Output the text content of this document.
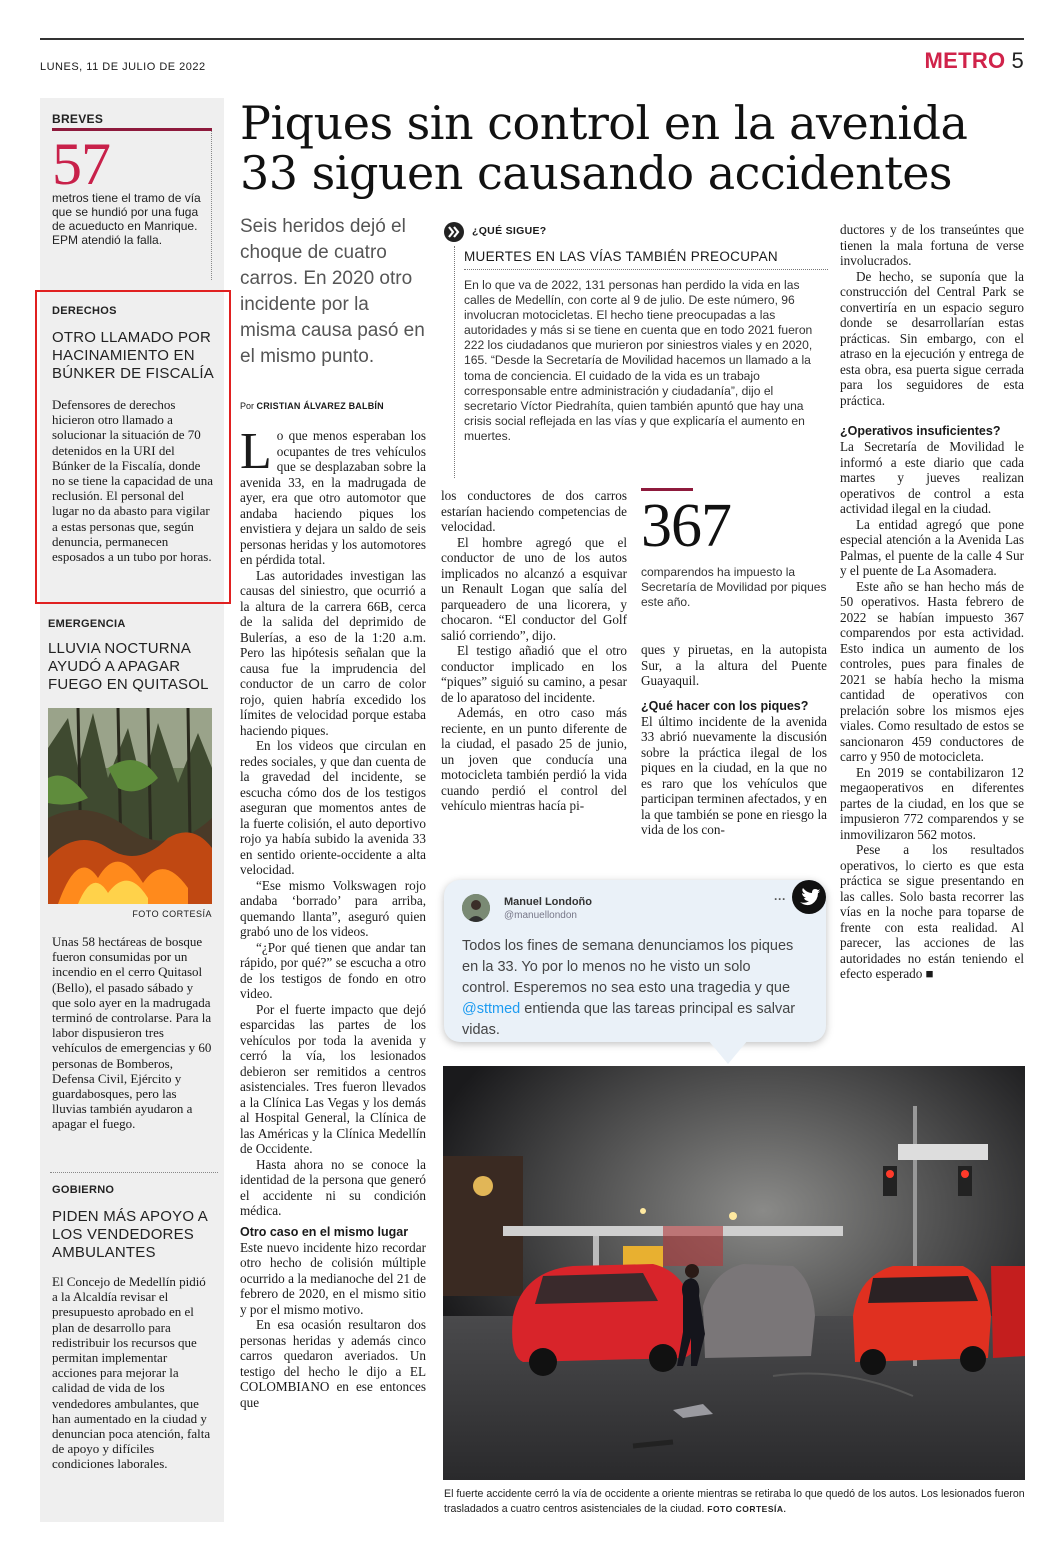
LUNES, 11 DE JULIO DE 2022	METRO 5
BREVES
57
metros tiene el tramo de vía que se hundió por una fuga de acueducto en Manrique. EPM atendió la falla.
DERECHOS
OTRO LLAMADO POR HACINAMIENTO EN BÚNKER DE FISCALÍA
Defensores de derechos hicieron otro llamado a solucionar la situación de 70 detenidos en la URI del Búnker de la Fiscalía, donde no se tiene la capacidad de una reclusión. El personal del lugar no da abasto para vigilar a estas personas que, según denuncia, permanecen esposados a un tubo por horas.
EMERGENCIA
LLUVIA NOCTURNA AYUDÓ A APAGAR FUEGO EN QUITASOL
FOTO CORTESÍA
Unas 58 hectáreas de bosque fueron consumidas por un incendio en el cerro Quitasol (Bello), el pasado sábado y que solo ayer en la madrugada terminó de controlarse. Para la labor dispusieron tres vehículos de emergencias y 60 personas de Bomberos, Defensa Civil, Ejército y guardabosques, pero las lluvias también ayudaron a apagar el fuego.
GOBIERNO
PIDEN MÁS APOYO A LOS VENDEDORES AMBULANTES
El Concejo de Medellín pidió a la Alcaldía revisar el presupuesto aprobado en el plan de desarrollo para redistribuir los recursos que permitan implementar acciones para mejorar la calidad de vida de los vendedores ambulantes, que han aumentado en la ciudad y denuncian poca atención, falta de apoyo y difíciles condiciones laborales.
Piques sin control en la avenida 33 siguen causando accidentes
Seis heridos dejó el choque de cuatro carros. En 2020 otro incidente por la misma causa pasó en el mismo punto.
Por CRISTIAN ÁLVAREZ BALBÍN

Lo que menos esperaban los ocupantes de tres vehículos que se desplazaban sobre la avenida 33, en la madrugada de ayer, era que otro automotor que andaba haciendo piques los envistiera y dejara un saldo de seis personas heridas y los automotores en pérdida total.

Las autoridades investigan las causas del siniestro, que ocurrió a la altura de la carrera 66B, cerca de la salida del deprimido de Bulerías, a eso de la 1:20 a.m. Pero las hipótesis señalan que la causa fue la imprudencia del conductor de un carro de color rojo, quien habría excedido los límites de velocidad porque estaba haciendo piques.

En los videos que circulan en redes sociales, y que dan cuenta de la gravedad del incidente, se escucha cómo dos de los testigos aseguran que momentos antes de la fuerte colisión, el auto deportivo rojo ya había subido la avenida 33 en sentido oriente-occidente a alta velocidad.

“Ese mismo Volkswagen rojo andaba ‘borrado’ para arriba, quemando llanta”, aseguró quien grabó uno de los videos.

“¿Por qué tienen que andar tan rápido, por qué?” se escucha a otro de los testigos de fondo en otro video.

Por el fuerte impacto que dejó esparcidas las partes de los vehículos por toda la avenida y cerró la vía, los lesionados debieron ser remitidos a centros asistenciales. Tres fueron llevados a la Clínica Las Vegas y los demás al Hospital General, la Clínica de las Américas y la Clínica Medellín de Occidente.

Hasta ahora no se conoce la identidad de la persona que generó el accidente ni su condición médica.

Otro caso en el mismo lugar

Este nuevo incidente hizo recordar otro hecho de colisión múltiple ocurrido a la medianoche del 21 de febrero de 2020, en el mismo sitio y por el mismo motivo.

En esa ocasión resultaron dos personas heridas y además cinco carros quedaron averiados. Un testigo del hecho le dijo a EL COLOMBIANO en ese entonces que

¿QUÉ SIGUE?
MUERTES EN LAS VÍAS TAMBIÉN PREOCUPAN
En lo que va de 2022, 131 personas han perdido la vida en las calles de Medellín, con corte al 9 de julio. De este número, 96 involucran motocicletas. El hecho tiene preocupadas a las autoridades y más si se tiene en cuenta que en todo 2021 fueron 222 los ciudadanos que murieron por siniestros viales y en 2020, 165. “Desde la Secretaría de Movilidad hacemos un llamado a la toma de conciencia. El cuidado de la vida es un trabajo corresponsable entre administración y ciudadanía”, dijo el secretario Víctor Piedrahíta, quien también apuntó que hay una crisis social reflejada en las vías y que explicaría el aumento en muertes.

los conductores de dos carros estarían haciendo competencias de velocidad.

El hombre agregó que el conductor de uno de los autos implicados no alcanzó a esquivar un Renault Logan que salía del parqueadero de una licorera, y chocaron. “El conductor del Golf salió corriendo”, dijo.

El testigo añadió que el otro conductor implicado en los “piques” siguió su camino, a pesar de lo aparatoso del incidente.

Además, en otro caso más reciente, en un punto diferente de la ciudad, el pasado 25 de junio, un joven que conducía una motocicleta también perdió la vida cuando perdió el control del vehículo mientras hacía pi-

367
comparendos ha impuesto la Secretaría de Movilidad por piques este año.

ques y piruetas, en la autopista Sur, a la altura del Puente Guayaquil.

¿Qué hacer con los piques?

El último incidente de la avenida 33 abrió nuevamente la discusión sobre la práctica ilegal de los piques en la ciudad, en la que no es raro que los vehículos que participan terminen afectados, y en la que también se pone en riesgo la vida de los con-

ductores y de los transeúntes que tienen la mala fortuna de verse involucrados.

De hecho, se suponía que la construcción del Central Park se convertiría en un espacio seguro donde se desarrollarían estas prácticas. Sin embargo, con el atraso en la ejecución y entrega de esta obra, esa puerta sigue cerrada para los seguidores de esta práctica.

¿Operativos insuficientes?

La Secretaría de Movilidad le informó a este diario que cada martes y jueves realizan operativos de control a esta actividad ilegal en la ciudad.

La entidad agregó que pone especial atención a la Avenida Las Palmas, el puente de la calle 4 Sur y el puente de La Asomadera.

Este año se han hecho más de 50 operativos. Hasta febrero de 2022 se habían impuesto 367 comparendos por esta actividad. Esto indica un aumento de los controles, pues para finales de 2021 se había hecho la misma cantidad de operativos con prelación sobre los mismos ejes viales. Como resultado de estos se sancionaron 459 conductores de carro y 950 de motocicleta.

En 2019 se contabilizaron 12 megaoperativos en diferentes partes de la ciudad, en los que se impusieron 772 comparendos y se inmovilizaron 562 motos.

Pese a los resultados operativos, lo cierto es que esta práctica se sigue presentando en las calles. Solo basta recorrer las vías en la noche para toparse de frente con esta realidad. Al parecer, las acciones de las autoridades no están teniendo el efecto esperado ■

Manuel Londoño
@manuellondon
···
Todos los fines de semana denunciamos los piques en la 33. Yo por lo menos no he visto un solo control. Esperemos no sea esto una tragedia y que @sttmed entienda que las tareas principal es salvar vidas.
El fuerte accidente cerró la vía de occidente a oriente mientras se retiraba lo que quedó de los autos. Los lesionados fueron trasladados a cuatro centros asistenciales de la ciudad. FOTO CORTESÍA.
